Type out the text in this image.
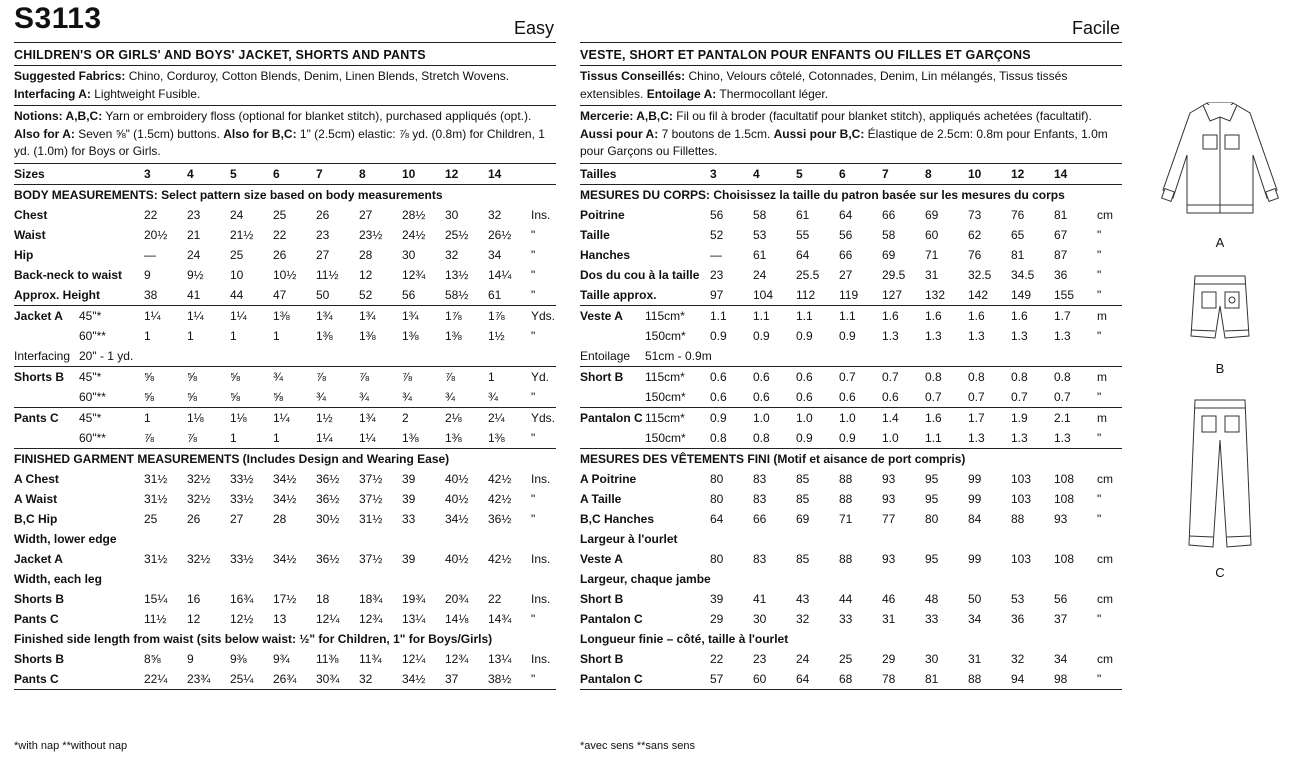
S3113	Easy
CHILDREN'S OR GIRLS' AND BOYS' JACKET, SHORTS AND PANTS
Suggested Fabrics: Chino, Corduroy, Cotton Blends, Denim, Linen Blends, Stretch Wovens.
Interfacing A: Lightweight Fusible.
Notions: A,B,C: Yarn or embroidery floss (optional for blanket stitch), purchased appliqués (opt.). Also for A: Seven ⅝" (1.5cm) buttons. Also for B,C: 1" (2.5cm) elastic: ⅞ yd. (0.8m) for Children, 1 yd. (1.0m) for Boys or Girls.
Sizes	3	4	5	6	7	8	10	12	14
BODY MEASUREMENTS: Select pattern size based on body measurements
Chest	22	23	24	25	26	27	28½	30	32	Ins.
Waist	20½	21	21½	22	23	23½	24½	25½	26½	"
Hip	—	24	25	26	27	28	30	32	34	"
Back-neck to waist	9	9½	10	10½	11½	12	12¾	13½	14¼	"
Approx. Height	38	41	44	47	50	52	56	58½	61	"
Jacket A	45"*	1¼	1¼	1¼	1⅜	1¾	1¾	1¾	1⅞	1⅞	Yds.
60"**	1	1	1	1	1⅜	1⅜	1⅜	1⅜	1½	"
Interfacing 20" - 1 yd.
Shorts B	45"*	⅝	⅝	⅝	¾	⅞	⅞	⅞	⅞	1	Yd.
60"**	⅝	⅝	⅝	⅝	¾	¾	¾	¾	¾	"
Pants C	45"*	1	1⅛	1⅛	1¼	1½	1¾	2	2⅛	2¼	Yds.
60"**	⅞	⅞	1	1	1¼	1¼	1⅜	1⅜	1⅜	"
FINISHED GARMENT MEASUREMENTS (Includes Design and Wearing Ease)
A Chest	31½	32½	33½	34½	36½	37½	39	40½	42½	Ins.
A Waist	31½	32½	33½	34½	36½	37½	39	40½	42½	"
B,C Hip	25	26	27	28	30½	31½	33	34½	36½	"
Width, lower edge
Jacket A	31½	32½	33½	34½	36½	37½	39	40½	42½	Ins.
Width, each leg
Shorts B	15¼	16	16¾	17½	18	18¾	19¾	20¾	22	Ins.
Pants C	11½	12	12½	13	12¼	12¾	13¼	14⅛	14¾	"
Finished side length from waist (sits below waist: ½" for Children, 1" for Boys/Girls)
Shorts B	8⅝	9	9⅜	9¾	11⅜	11¾	12¼	12¾	13¼	Ins.
Pants C	22¼	23¾	25¼	26¾	30¾	32	34½	37	38½	"
Facile
VESTE, SHORT ET PANTALON POUR ENFANTS OU FILLES ET GARÇONS
Tissus Conseillés: Chino, Velours côtelé, Cotonnades, Denim, Lin mélangés, Tissus tissés extensibles. Entoilage A: Thermocollant léger.
Mercerie: A,B,C: Fil ou fil à broder (facultatif pour blanket stitch), appliqués achetées (facultatif). Aussi pour A: 7 boutons de 1.5cm. Aussi pour B,C: Élastique de 2.5cm: 0.8m pour Enfants, 1.0m pour Garçons ou Fillettes.
Tailles	3	4	5	6	7	8	10	12	14
MESURES DU CORPS: Choisissez la taille du patron basée sur les mesures du corps
Poitrine	56	58	61	64	66	69	73	76	81	cm
Taille	52	53	55	56	58	60	62	65	67	"
Hanches	—	61	64	66	69	71	76	81	87	"
Dos du cou à la taille 23	24	25.5	27	29.5	31	32.5	34.5	36	"
Taille approx.	97	104	112	119	127	132	142	149	155	"
Veste A	115cm*	1.1	1.1	1.1	1.1	1.6	1.6	1.6	1.6	1.7	m
150cm*	0.9	0.9	0.9	0.9	1.3	1.3	1.3	1.3	1.3	"
Entoilage	51cm - 0.9m
Short B	115cm*	0.6	0.6	0.6	0.7	0.7	0.8	0.8	0.8	0.8	m
150cm*	0.6	0.6	0.6	0.6	0.6	0.7	0.7	0.7	0.7	"
Pantalon C 115cm*	0.9	1.0	1.0	1.0	1.4	1.6	1.7	1.9	2.1	m
150cm*	0.8	0.8	0.9	0.9	1.0	1.1	1.3	1.3	1.3	"
MESURES DES VÊTEMENTS FINI (Motif et aisance de port compris)
A Poitrine	80	83	85	88	93	95	99	103	108	cm
A Taille	80	83	85	88	93	95	99	103	108	"
B,C Hanches	64	66	69	71	77	80	84	88	93	"
Largeur à l'ourlet
Veste A	80	83	85	88	93	95	99	103	108	cm
Largeur, chaque jambe
Short B	39	41	43	44	46	48	50	53	56	cm
Pantalon C	29	30	32	33	31	33	34	36	37	"
Longueur finie – côté, taille à l'ourlet
Short B	22	23	24	25	29	30	31	32	34	cm
Pantalon C	57	60	64	68	78	81	88	94	98	"
*with nap **without nap	*avec sens **sans sens
A
B
C
